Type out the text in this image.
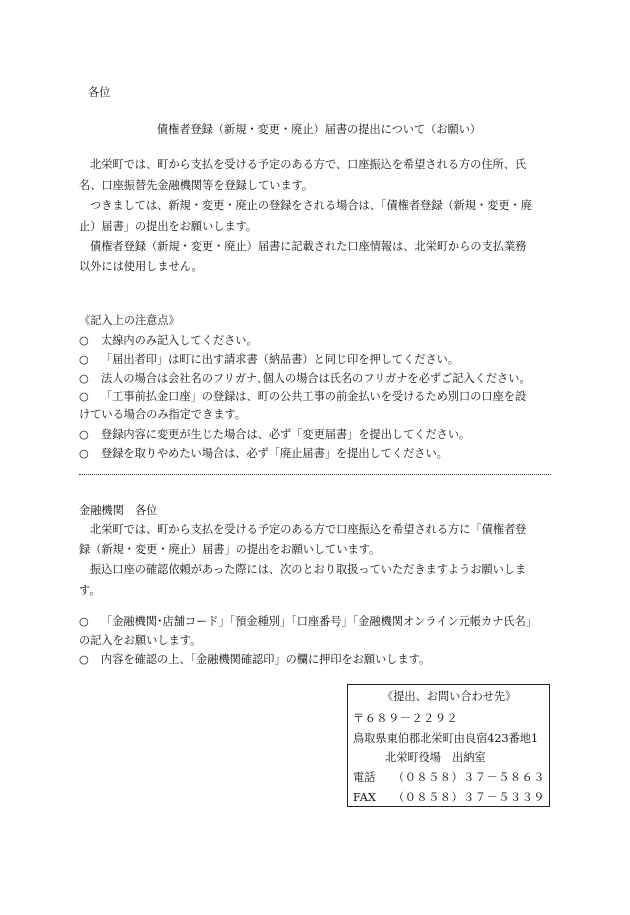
各位
債権者登録（新規・変更・廃止）届書の提出について（お願い）
北栄町では、町から支払を受ける予定のある方で、口座振込を希望される方の住所、氏
名、口座振替先金融機関等を登録しています。
つきましては、新規・変更・廃止の登録をされる場合は、「債権者登録（新規・変更・廃
止）届書」の提出をお願いします。
債権者登録（新規・変更・廃止）届書に記載された口座情報は、北栄町からの支払業務
以外には使用しません。
《記入上の注意点》
○	太線内のみ記入してください。
○	「届出者印」は町に出す請求書（納品書）と同じ印を押してください。
○	法人の場合は会社名のフリガナ､個人の場合は氏名のフリガナを必ずご記入ください。
○	「工事前払金口座」の登録は、町の公共工事の前金払いを受けるため別口の口座を設
けている場合のみ指定できます。
○	登録内容に変更が生じた場合は、必ず「変更届書」を提出してください。
○	登録を取りやめたい場合は、必ず「廃止届書」を提出してください。
金融機関　各位
北栄町では、町から支払を受ける予定のある方で口座振込を希望される方に「債権者登
録（新規・変更・廃止）届書」の提出をお願いしています。
振込口座の確認依頼があった際には、次のとおり取扱っていただきますようお願いしま
す。
○	「金融機関･店舗コード」「預金種別」「口座番号」「金融機関オンライン元帳カナ氏名」
の記入をお願いします。
○	内容を確認の上、「金融機関確認印」の欄に押印をお願いします。
《提出、お問い合わせ先》
〒６８９－２２９２
鳥取県東伯郡北栄町由良宿423番地1
北栄町役場　出納室
電話 （０８５８）３７－５８６３
FAX （０８５８）３７－５３３９
